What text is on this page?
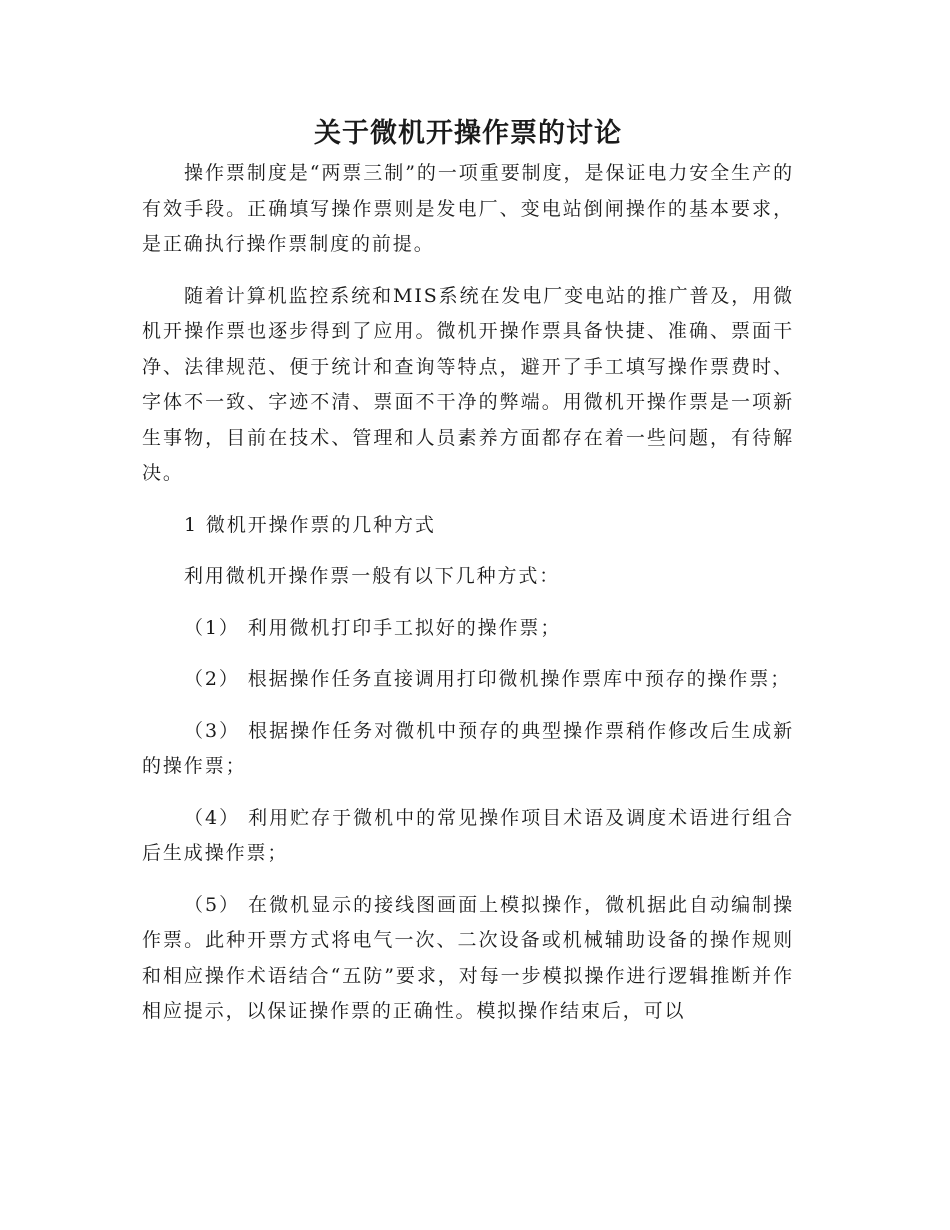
关于微机开操作票的讨论

操作票制度是“两票三制”的一项重要制度，是保证电力安全生产的有效手段。正确填写操作票则是发电厂、变电站倒闸操作的基本要求，是正确执行操作票制度的前提。

随着计算机监控系统和MIS系统在发电厂变电站的推广普及，用微机开操作票也逐步得到了应用。微机开操作票具备快捷、准确、票面干净、法律规范、便于统计和查询等特点，避开了手工填写操作票费时、字体不一致、字迹不清、票面不干净的弊端。用微机开操作票是一项新生事物，目前在技术、管理和人员素养方面都存在着一些问题，有待解决。

1 微机开操作票的几种方式

利用微机开操作票一般有以下几种方式：

（1） 利用微机打印手工拟好的操作票；

（2） 根据操作任务直接调用打印微机操作票库中预存的操作票；

（3） 根据操作任务对微机中预存的典型操作票稍作修改后生成新的操作票；

（4） 利用贮存于微机中的常见操作项目术语及调度术语进行组合后生成操作票；

（5） 在微机显示的接线图画面上模拟操作，微机据此自动编制操作票。此种开票方式将电气一次、二次设备或机械辅助设备的操作规则和相应操作术语结合“五防”要求，对每一步模拟操作进行逻辑推断并作相应提示，以保证操作票的正确性。模拟操作结束后，可以
